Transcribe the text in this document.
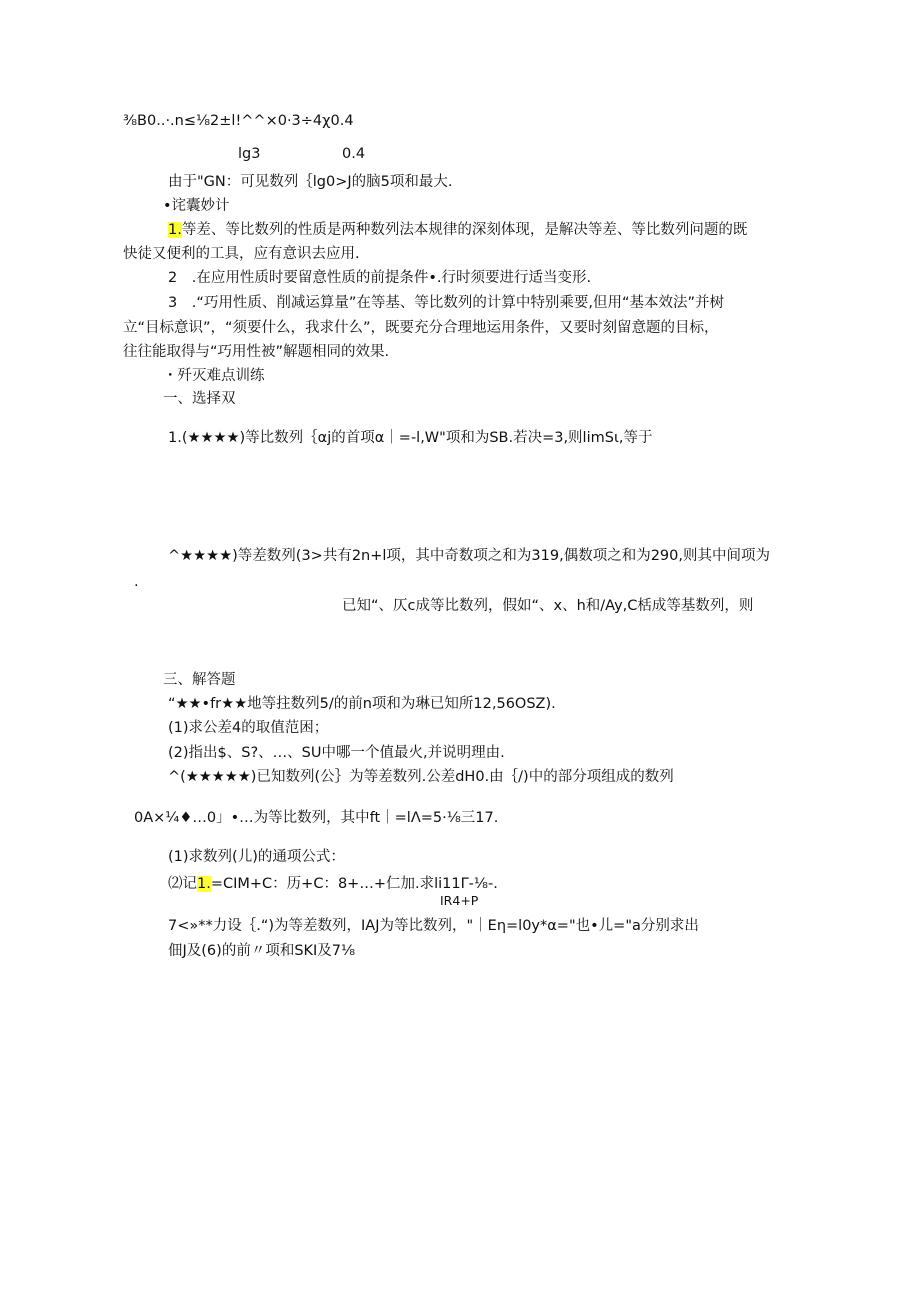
⅜Β0..·.n≤⅛2±l!^^×0·3÷4χ0.4
lg3	0.4
由于"GN：可见数列｛lg0>J的脑5项和最大.
•诧囊妙计
1.等差、等比数列的性质是两种数列法本规律的深刻体现，是解决等差、等比数列问题的既
快徒又便利的工具，应有意识去应用.
2　.在应用性质时要留意性质的前提条件•.行时须要进行适当变形.
3　.“巧用性质、削减运算量”在等基、等比数列的计算中特别乘要,但用“基本效法”并树
立“目标意识”，“须要什么，我求什么”，既要充分合理地运用条件，又要时刻留意题的目标，
往往能取得与“巧用性被”解题相同的效果.
・歼灭难点训练
一、选择双
1.(★★★★)等比数列｛αj的首项α｜=-l,W"项和为SΒ.若决=3,则limSι,等于
^★★★★)等差数列(3>共有2n+l项，其中奇数项之和为319,偶数项之和为290,则其中间项为
.
已知“、仄c成等比数列，假如“、x、h和/Ay,C栝成等基数列，则
三、解答题
“★★•fr★★地等拄数列5/的前n项和为琳已知所12‚56OSZ).
(1)求公差4的取值范困；
(2)指出$、S?、…、SU中哪一个值最火,并说明理由.
^(★★★★★)已知数列(公｝为等差数列.公差dH0.由｛/)中的部分项组成的数列
0A×¼♦…0」•…为等比数列，其中ft｜=lΛ=5·⅛三17.
(1)求数列(儿)的通项公式：
⑵记1.=CIM+C：历+C：8+…+仁加.求li11Γ-⅛-.
IR4+P
7<»**力设｛.“)为等差数列，IAJ为等比数列，"｜Eη=l0y*α="也•儿="a分别求出
佃J及(6)的前〃项和SKI及7⅛
